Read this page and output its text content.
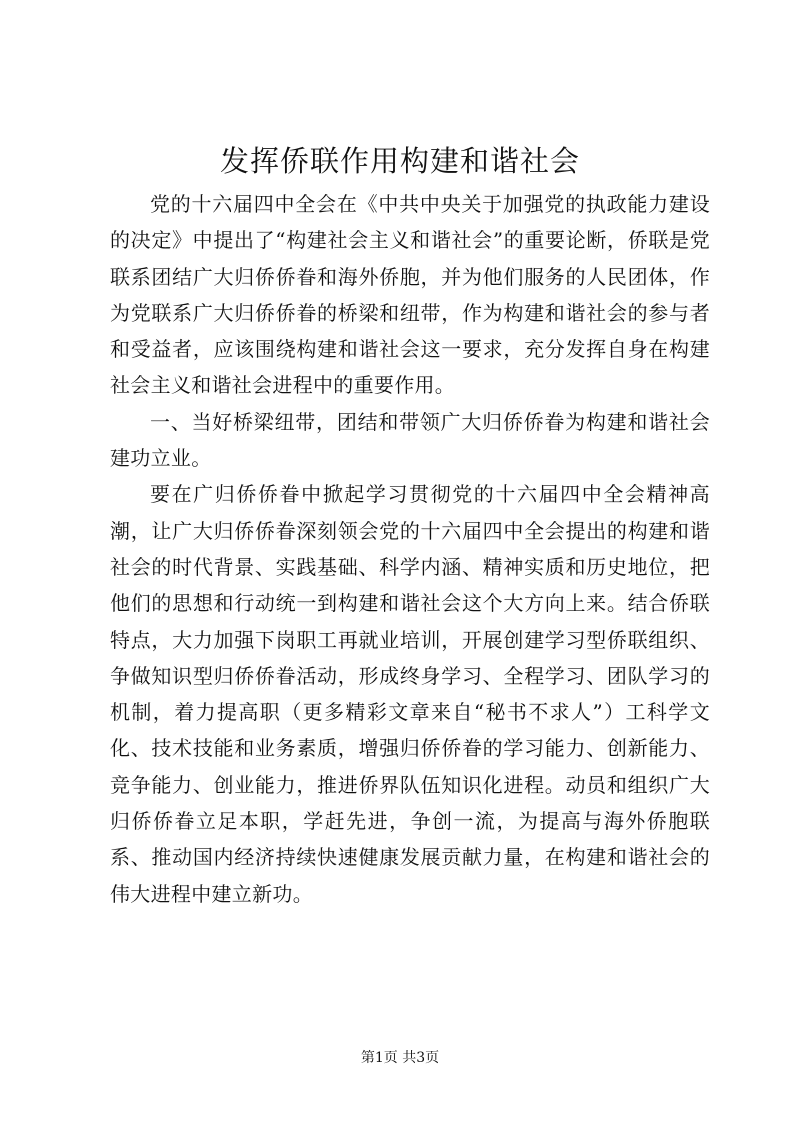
发挥侨联作用构建和谐社会

党的十六届四中全会在《中共中央关于加强党的执政能力建设的决定》中提出了“构建社会主义和谐社会”的重要论断，侨联是党联系团结广大归侨侨眷和海外侨胞，并为他们服务的人民团体，作为党联系广大归侨侨眷的桥梁和纽带，作为构建和谐社会的参与者和受益者，应该围绕构建和谐社会这一要求，充分发挥自身在构建社会主义和谐社会进程中的重要作用。

一、当好桥梁纽带，团结和带领广大归侨侨眷为构建和谐社会建功立业。

要在广归侨侨眷中掀起学习贯彻党的十六届四中全会精神高潮，让广大归侨侨眷深刻领会党的十六届四中全会提出的构建和谐社会的时代背景、实践基础、科学内涵、精神实质和历史地位，把他们的思想和行动统一到构建和谐社会这个大方向上来。结合侨联特点，大力加强下岗职工再就业培训，开展创建学习型侨联组织、争做知识型归侨侨眷活动，形成终身学习、全程学习、团队学习的机制，着力提高职（更多精彩文章来自“秘书不求人”）工科学文化、技术技能和业务素质，增强归侨侨眷的学习能力、创新能力、竞争能力、创业能力，推进侨界队伍知识化进程。动员和组织广大归侨侨眷立足本职，学赶先进，争创一流，为提高与海外侨胞联系、推动国内经济持续快速健康发展贡献力量，在构建和谐社会的伟大进程中建立新功。

第1页 共3页
